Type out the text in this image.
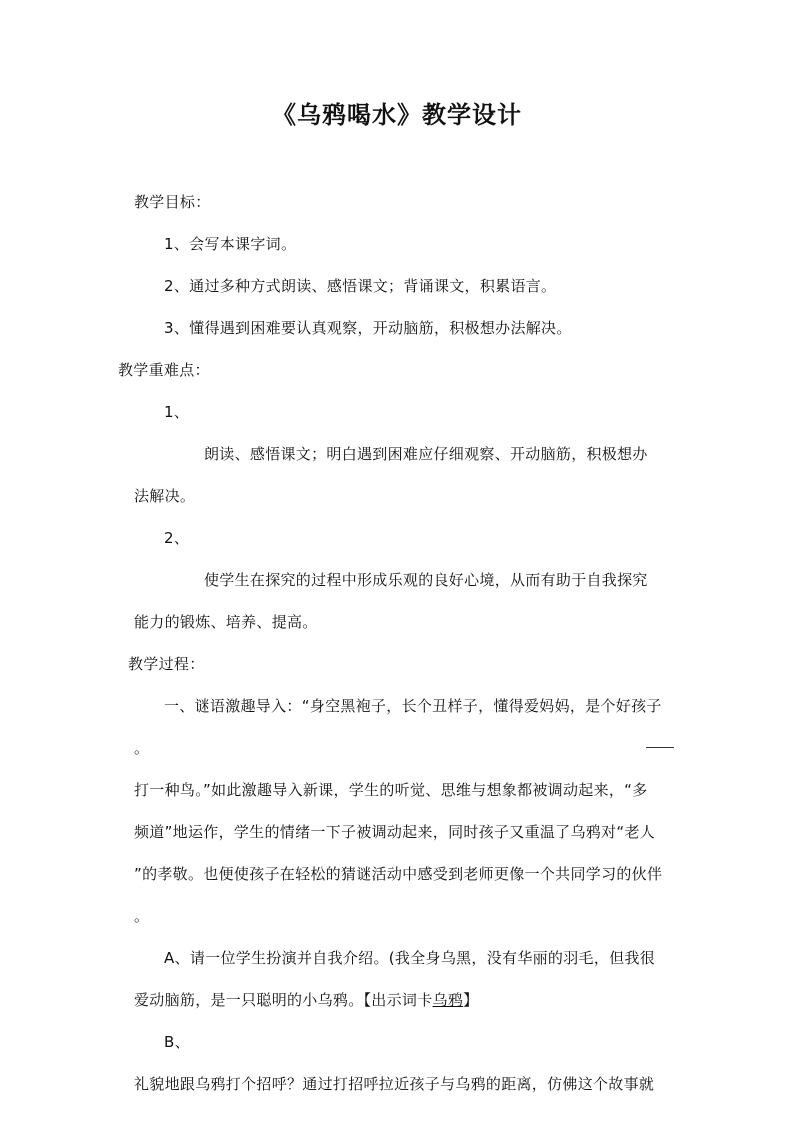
《乌鸦喝水》教学设计
教学目标：
1、会写本课字词。
2、通过多种方式朗读、感悟课文；背诵课文，积累语言。
3、懂得遇到困难要认真观察，开动脑筋，积极想办法解决。
教学重难点：
1、
朗读、感悟课文；明白遇到困难应仔细观察、开动脑筋，积极想办
法解决。
2、
使学生在探究的过程中形成乐观的良好心境，从而有助于自我探究
能力的锻炼、培养、提高。
教学过程：
一、谜语激趣导入：“身空黑袍子，长个丑样子，懂得爱妈妈，是个好孩子
。
打一种鸟。”如此激趣导入新课，学生的听觉、思维与想象都被调动起来，“多
频道”地运作，学生的情绪一下子被调动起来，同时孩子又重温了乌鸦对“老人
”的孝敬。也便使孩子在轻松的猜谜活动中感受到老师更像一个共同学习的伙伴
。
A、请一位学生扮演并自我介绍。(我全身乌黑，没有华丽的羽毛，但我很
爱动脑筋，是一只聪明的小乌鸦。【出示词卡乌鸦】
B、
礼貌地跟乌鸦打个招呼？通过打招呼拉近孩子与乌鸦的距离，仿佛这个故事就
